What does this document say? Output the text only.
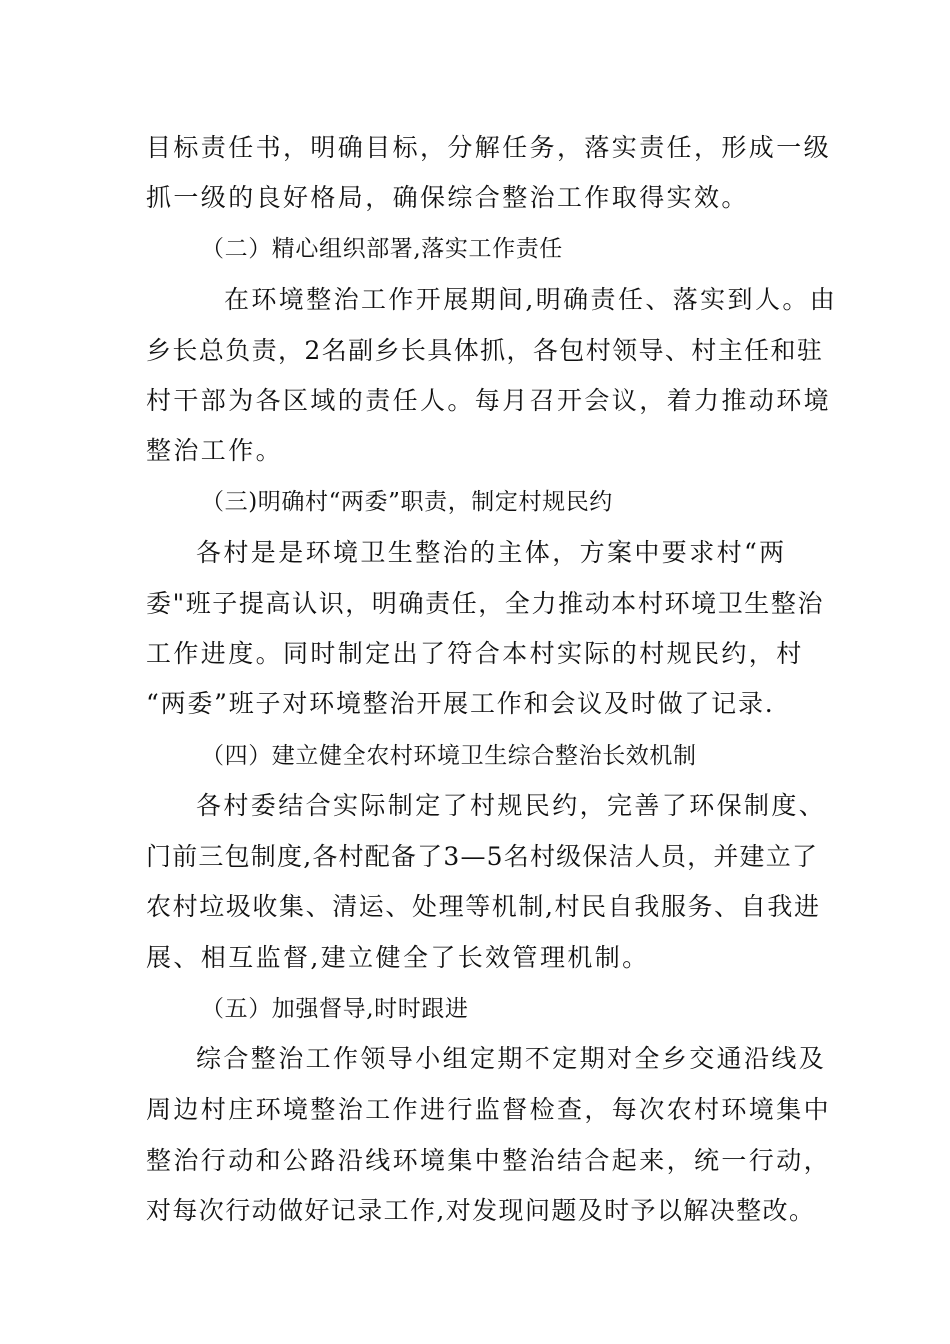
目标责任书，明确目标，分解任务，落实责任，形成一级
抓一级的良好格局，确保综合整治工作取得实效。
（二）精心组织部署,落实工作责任
在环境整治工作开展期间,明确责任、落实到人。由
乡长总负责，2名副乡长具体抓，各包村领导、村主任和驻
村干部为各区域的责任人。每月召开会议，着力推动环境
整治工作。
（三)明确村“两委”职责，制定村规民约
各村是是环境卫生整治的主体，方案中要求村“两
委"班子提高认识，明确责任，全力推动本村环境卫生整治
工作进度。同时制定出了符合本村实际的村规民约，村
“两委”班子对环境整治开展工作和会议及时做了记录.
（四）建立健全农村环境卫生综合整治长效机制
各村委结合实际制定了村规民约，完善了环保制度、
门前三包制度,各村配备了3—5名村级保洁人员，并建立了
农村垃圾收集、清运、处理等机制,村民自我服务、自我进
展、相互监督,建立健全了长效管理机制。
（五）加强督导,时时跟进
综合整治工作领导小组定期不定期对全乡交通沿线及
周边村庄环境整治工作进行监督检查，每次农村环境集中
整治行动和公路沿线环境集中整治结合起来，统一行动，
对每次行动做好记录工作,对发现问题及时予以解决整改。
